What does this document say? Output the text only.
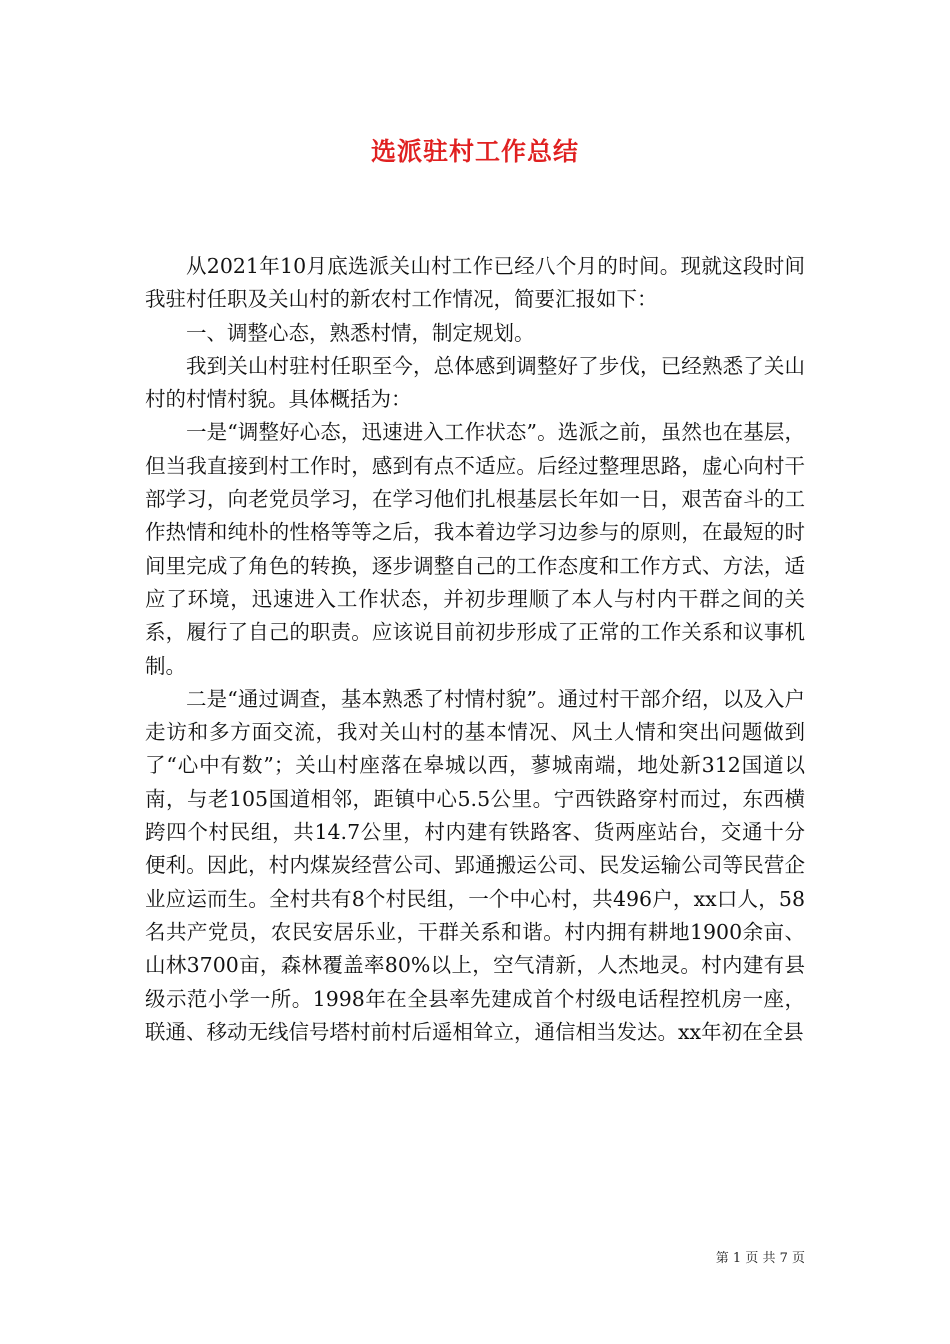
选派驻村工作总结

从2021年10月底选派关山村工作已经八个月的时间。现就这段时间我驻村任职及关山村的新农村工作情况，简要汇报如下：

一、调整心态，熟悉村情，制定规划。

我到关山村驻村任职至今，总体感到调整好了步伐，已经熟悉了关山村的村情村貌。具体概括为：

一是“调整好心态，迅速进入工作状态”。选派之前，虽然也在基层，但当我直接到村工作时，感到有点不适应。后经过整理思路，虚心向村干部学习，向老党员学习，在学习他们扎根基层长年如一日，艰苦奋斗的工作热情和纯朴的性格等等之后，我本着边学习边参与的原则，在最短的时间里完成了角色的转换，逐步调整自己的工作态度和工作方式、方法，适应了环境，迅速进入工作状态，并初步理顺了本人与村内干群之间的关系，履行了自己的职责。应该说目前初步形成了正常的工作关系和议事机制。

二是“通过调查，基本熟悉了村情村貌”。通过村干部介绍，以及入户走访和多方面交流，我对关山村的基本情况、风土人情和突出问题做到了“心中有数”；关山村座落在皋城以西，蓼城南端，地处新312国道以南，与老105国道相邻，距镇中心5.5公里。宁西铁路穿村而过，东西横跨四个村民组，共14.7公里，村内建有铁路客、货两座站台，交通十分便利。因此，村内煤炭经营公司、郢通搬运公司、民发运输公司等民营企业应运而生。全村共有8个村民组，一个中心村，共496户，xx口人，58名共产党员，农民安居乐业，干群关系和谐。村内拥有耕地1900余亩、山林3700亩，森林覆盖率80%以上，空气清新，人杰地灵。村内建有县级示范小学一所。1998年在全县率先建成首个村级电话程控机房一座，联通、移动无线信号塔村前村后遥相耸立，通信相当发达。xx年初在全县

第 1 页 共 7 页
